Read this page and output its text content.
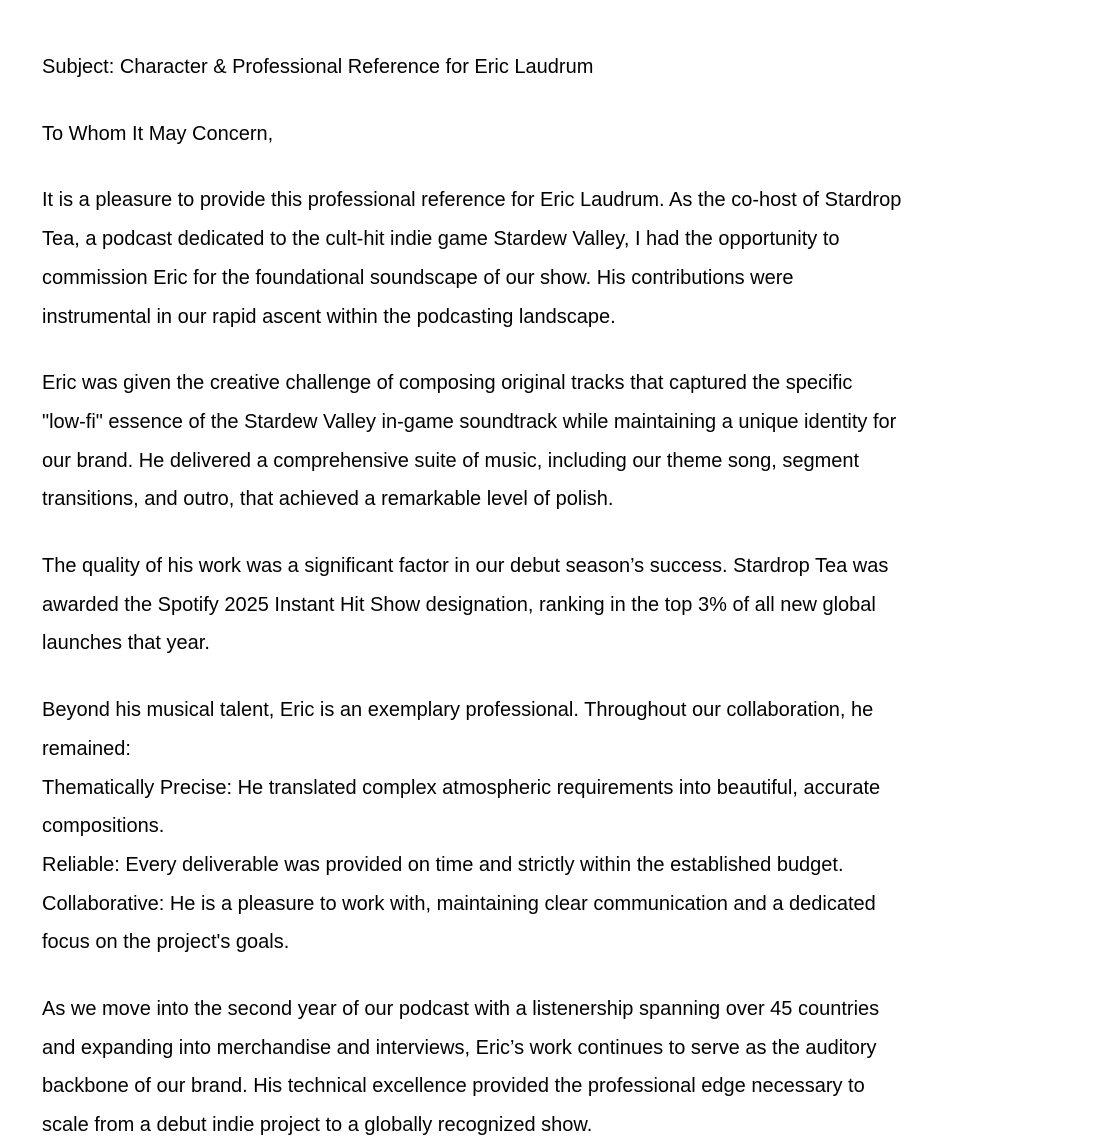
Subject: Character & Professional Reference for Eric Laudrum
To Whom It May Concern,
It is a pleasure to provide this professional reference for Eric Laudrum. As the co-host of Stardrop
Tea, a podcast dedicated to the cult-hit indie game Stardew Valley, I had the opportunity to
commission Eric for the foundational soundscape of our show. His contributions were
instrumental in our rapid ascent within the podcasting landscape.
Eric was given the creative challenge of composing original tracks that captured the specific
"low-fi" essence of the Stardew Valley in-game soundtrack while maintaining a unique identity for
our brand. He delivered a comprehensive suite of music, including our theme song, segment
transitions, and outro, that achieved a remarkable level of polish.
The quality of his work was a significant factor in our debut season’s success. Stardrop Tea was
awarded the Spotify 2025 Instant Hit Show designation, ranking in the top 3% of all new global
launches that year.
Beyond his musical talent, Eric is an exemplary professional. Throughout our collaboration, he
remained:
Thematically Precise: He translated complex atmospheric requirements into beautiful, accurate
compositions.
Reliable: Every deliverable was provided on time and strictly within the established budget.
Collaborative: He is a pleasure to work with, maintaining clear communication and a dedicated
focus on the project's goals.
As we move into the second year of our podcast with a listenership spanning over 45 countries
and expanding into merchandise and interviews, Eric’s work continues to serve as the auditory
backbone of our brand. His technical excellence provided the professional edge necessary to
scale from a debut indie project to a globally recognized show.
